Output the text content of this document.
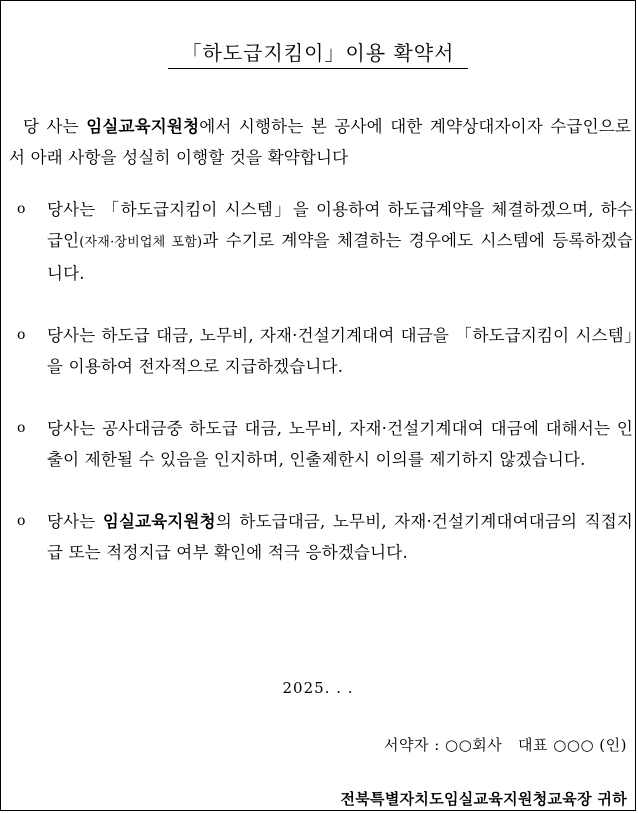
「하도급지킴이」이용 확약서
당 사는 임실교육지원청에서 시행하는 본 공사에 대한 계약상대자이자 수급인으로서 아래 사항을 성실히 이행할 것을 확약합니다
o 당사는 「하도급지킴이 시스템」을 이용하여 하도급계약을 체결하겠으며, 하수급인(자재·장비업체 포함)과 수기로 계약을 체결하는 경우에도 시스템에 등록하겠습니다.
o 당사는 하도급 대금, 노무비, 자재·건설기계대여 대금을 「하도급지킴이 시스템」을 이용하여 전자적으로 지급하겠습니다.
o 당사는 공사대금중 하도급 대금, 노무비, 자재·건설기계대여 대금에 대해서는 인출이 제한될 수 있음을 인지하며, 인출제한시 이의를 제기하지 않겠습니다.
o 당사는 임실교육지원청의 하도급대금, 노무비, 자재·건설기계대여대금의 직접지급 또는 적정지급 여부 확인에 적극 응하겠습니다.
2025. . .
서약자 : ○○회사   대표 ○○○ (인)
전북특별자치도임실교육지원청교육장 귀하
